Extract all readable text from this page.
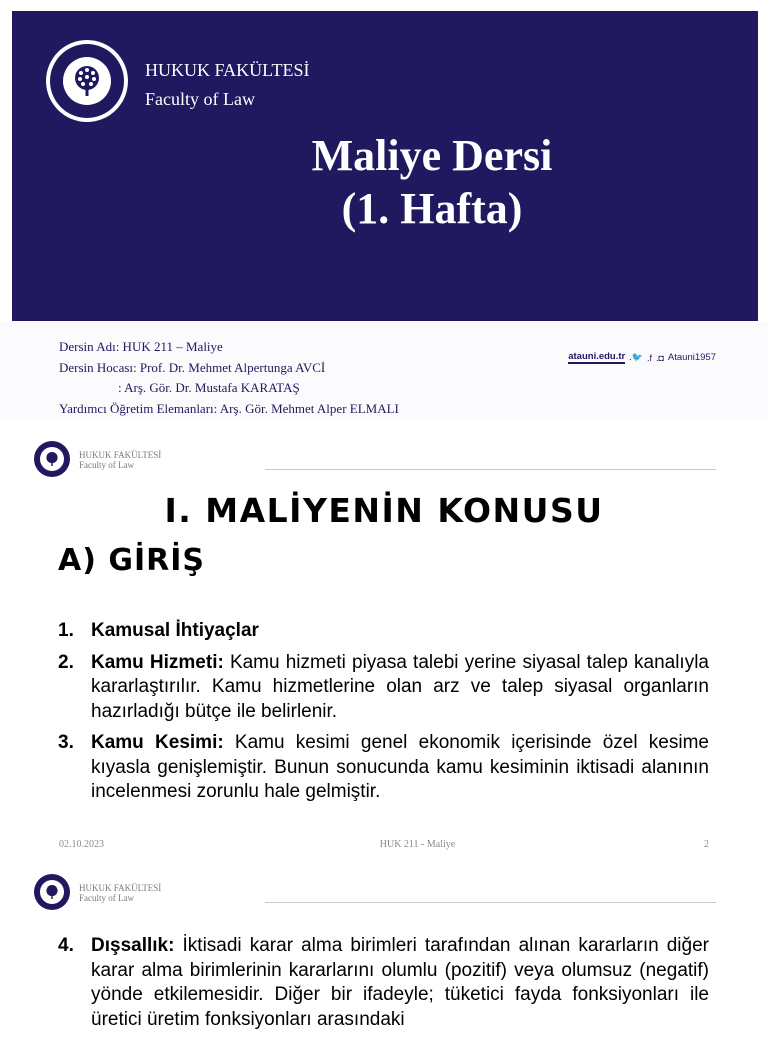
HUKUK FAKÜLTESİ
Faculty of Law
Maliye Dersi
(1. Hafta)
Dersin Adı: HUK 211 – Maliye
Dersin Hocası: Prof. Dr. Mehmet Alpertunga AVCİ
: Arş. Gör. Dr. Mustafa KARATAŞ
Yardımcı Öğretim Elemanları: Arş. Gör. Mehmet Alper ELMALI
atauni.edu.tr .🐦 .f .◘ Atauni1957
HUKUK FAKÜLTESİ
Faculty of Law
I. MALİYENİN KONUSU
A) GİRİŞ
1. Kamusal İhtiyaçlar
2. Kamu Hizmeti: Kamu hizmeti piyasa talebi yerine siyasal talep kanalıyla kararlaştırılır. Kamu hizmetlerine olan arz ve talep siyasal organların hazırladığı bütçe ile belirlenir.
3. Kamu Kesimi: Kamu kesimi genel ekonomik içerisinde özel kesime kıyasla genişlemiştir. Bunun sonucunda kamu kesiminin iktisadi alanının incelenmesi zorunlu hale gelmiştir.
02.10.2023	HUK 211 - Maliye	2
HUKUK FAKÜLTESİ
Faculty of Law
4. Dışsallık: İktisadi karar alma birimleri tarafından alınan kararların diğer karar alma birimlerinin kararlarını olumlu (pozitif) veya olumsuz (negatif) yönde etkilemesidir. Diğer bir ifadeyle; tüketici fayda fonksiyonları ile üretici üretim fonksiyonları arasındaki
